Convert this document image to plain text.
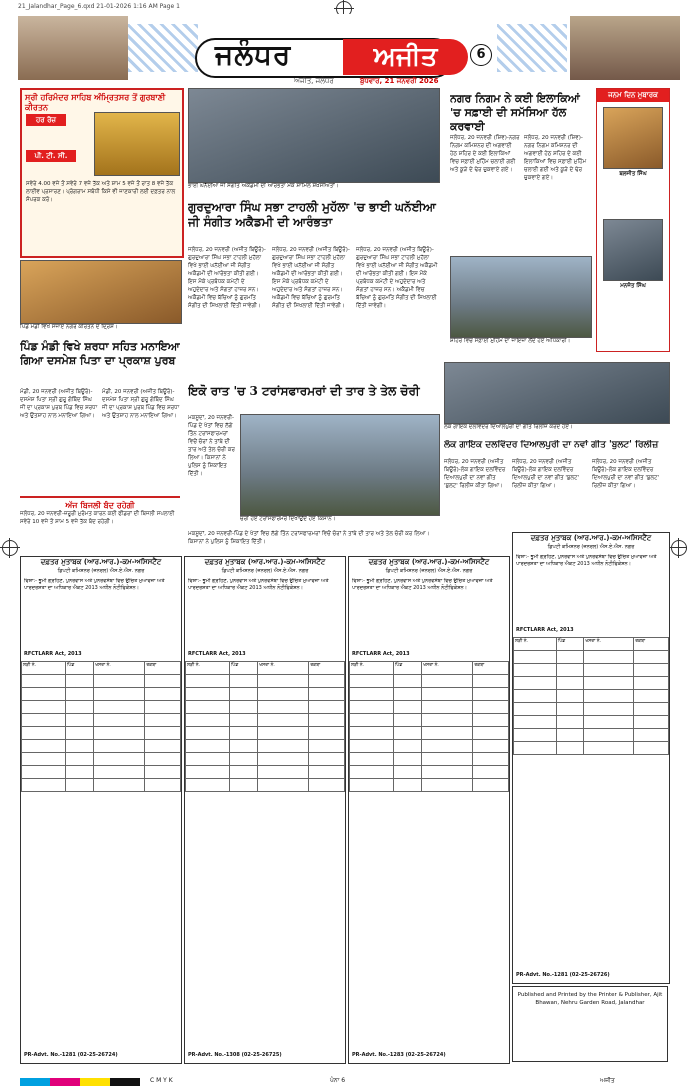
21_Jalandhar_Page_6.qxd 21-01-2026 1:16 AM Page 1
ਜਲੰਧਰ	ਅਜੀਤ	6
ਅਜੀਤ, ਜਲੰਧਰ	ਬੁੱਧਵਾਰ, 21 ਜਨਵਰੀ 2026
ਸ੍ਰੀ ਹਰਿਮੰਦਰ ਸਾਹਿਬ ਅੰਮ੍ਰਿਤਸਰ ਤੋਂ ਗੁਰਬਾਣੀ ਕੀਰਤਨ
ਹਰ ਰੋਜ਼
ਪੀ. ਟੀ. ਸੀ.
ਸਵੇਰੇ 4.00 ਵਜੇ ਤੋਂ ਸਵੇਰੇ 7 ਵਜੇ ਤੱਕ ਅਤੇ ਸ਼ਾਮ 5 ਵਜੇ ਤੋਂ ਰਾਤ 8 ਵਜੇ ਤੱਕ ਲਾਈਵ ਪ੍ਰਸਾਰਣ। ਪ੍ਰੋਗਰਾਮ ਸਬੰਧੀ ਕਿਸੇ ਵੀ ਜਾਣਕਾਰੀ ਲਈ ਦਫ਼ਤਰ ਨਾਲ ਸੰਪਰਕ ਕਰੋ।
ਭਾਈ ਘਨੱਈਆ ਜੀ ਸੰਗੀਤ ਅਕੈਡਮੀ ਦੀ ਆਰੰਭਤਾ ਮੌਕੇ ਸ਼ਾਮਿਲ ਸ਼ਖ਼ਸੀਅਤਾਂ।
ਗੁਰਦੁਆਰਾ ਸਿੰਘ ਸਭਾ ਟਾਹਲੀ ਮੁਹੱਲਾ 'ਚ ਭਾਈ ਘਨੱਈਆ ਜੀ ਸੰਗੀਤ ਅਕੈਡਮੀ ਦੀ ਆਰੰਭਤਾ
ਜਲੰਧਰ, 20 ਜਨਵਰੀ (ਅਜੀਤ ਬਿਊਰੋ)-ਗੁਰਦੁਆਰਾ ਸਿੰਘ ਸਭਾ ਟਾਹਲੀ ਮੁਹੱਲਾ ਵਿਖੇ ਭਾਈ ਘਨੱਈਆ ਜੀ ਸੰਗੀਤ ਅਕੈਡਮੀ ਦੀ ਆਰੰਭਤਾ ਕੀਤੀ ਗਈ। ਇਸ ਮੌਕੇ ਪ੍ਰਬੰਧਕ ਕਮੇਟੀ ਦੇ ਅਹੁਦੇਦਾਰ ਅਤੇ ਸੰਗਤਾਂ ਹਾਜ਼ਰ ਸਨ। ਅਕੈਡਮੀ ਵਿਚ ਬੱਚਿਆਂ ਨੂੰ ਗੁਰਮਤਿ ਸੰਗੀਤ ਦੀ ਸਿਖਲਾਈ ਦਿੱਤੀ ਜਾਵੇਗੀ।
ਜਲੰਧਰ, 20 ਜਨਵਰੀ (ਅਜੀਤ ਬਿਊਰੋ)-ਗੁਰਦੁਆਰਾ ਸਿੰਘ ਸਭਾ ਟਾਹਲੀ ਮੁਹੱਲਾ ਵਿਖੇ ਭਾਈ ਘਨੱਈਆ ਜੀ ਸੰਗੀਤ ਅਕੈਡਮੀ ਦੀ ਆਰੰਭਤਾ ਕੀਤੀ ਗਈ। ਇਸ ਮੌਕੇ ਪ੍ਰਬੰਧਕ ਕਮੇਟੀ ਦੇ ਅਹੁਦੇਦਾਰ ਅਤੇ ਸੰਗਤਾਂ ਹਾਜ਼ਰ ਸਨ। ਅਕੈਡਮੀ ਵਿਚ ਬੱਚਿਆਂ ਨੂੰ ਗੁਰਮਤਿ ਸੰਗੀਤ ਦੀ ਸਿਖਲਾਈ ਦਿੱਤੀ ਜਾਵੇਗੀ।
ਜਲੰਧਰ, 20 ਜਨਵਰੀ (ਅਜੀਤ ਬਿਊਰੋ)-ਗੁਰਦੁਆਰਾ ਸਿੰਘ ਸਭਾ ਟਾਹਲੀ ਮੁਹੱਲਾ ਵਿਖੇ ਭਾਈ ਘਨੱਈਆ ਜੀ ਸੰਗੀਤ ਅਕੈਡਮੀ ਦੀ ਆਰੰਭਤਾ ਕੀਤੀ ਗਈ। ਇਸ ਮੌਕੇ ਪ੍ਰਬੰਧਕ ਕਮੇਟੀ ਦੇ ਅਹੁਦੇਦਾਰ ਅਤੇ ਸੰਗਤਾਂ ਹਾਜ਼ਰ ਸਨ। ਅਕੈਡਮੀ ਵਿਚ ਬੱਚਿਆਂ ਨੂੰ ਗੁਰਮਤਿ ਸੰਗੀਤ ਦੀ ਸਿਖਲਾਈ ਦਿੱਤੀ ਜਾਵੇਗੀ।
ਨਗਰ ਨਿਗਮ ਨੇ ਕਈ ਇਲਾਕਿਆਂ 'ਚ ਸਫ਼ਾਈ ਦੀ ਸਮੱਸਿਆ ਹੱਲ ਕਰਵਾਈ
ਜਲੰਧਰ, 20 ਜਨਵਰੀ (ਸ਼ਿਵ)-ਨਗਰ ਨਿਗਮ ਕਮਿਸ਼ਨਰ ਦੀ ਅਗਵਾਈ ਹੇਠ ਸ਼ਹਿਰ ਦੇ ਕਈ ਇਲਾਕਿਆਂ ਵਿਚ ਸਫ਼ਾਈ ਮੁਹਿੰਮ ਚਲਾਈ ਗਈ ਅਤੇ ਕੂੜੇ ਦੇ ਢੇਰ ਚੁਕਵਾਏ ਗਏ।
ਜਲੰਧਰ, 20 ਜਨਵਰੀ (ਸ਼ਿਵ)-ਨਗਰ ਨਿਗਮ ਕਮਿਸ਼ਨਰ ਦੀ ਅਗਵਾਈ ਹੇਠ ਸ਼ਹਿਰ ਦੇ ਕਈ ਇਲਾਕਿਆਂ ਵਿਚ ਸਫ਼ਾਈ ਮੁਹਿੰਮ ਚਲਾਈ ਗਈ ਅਤੇ ਕੂੜੇ ਦੇ ਢੇਰ ਚੁਕਵਾਏ ਗਏ।
ਸ਼ਹਿਰ ਵਿਚ ਸਫ਼ਾਈ ਮੁਹਿੰਮ ਦਾ ਜਾਇਜ਼ਾ ਲੈਂਦੇ ਹੋਏ ਅਧਿਕਾਰੀ।
ਜਨਮ ਦਿਨ ਮੁਬਾਰਕ
ਬਲਜੀਤ ਸਿੰਘ
ਮਨਜੋਤ ਸਿੰਘ
ਪਿੰਡ ਮੰਡੀ ਵਿਖੇ ਸਜਾਏ ਨਗਰ ਕੀਰਤਨ ਦੇ ਦ੍ਰਿਸ਼।
ਪਿੰਡ ਮੰਡੀ ਵਿਖੇ ਸ਼ਰਧਾ ਸਹਿਤ ਮਨਾਇਆ ਗਿਆ ਦਸਮੇਸ਼ ਪਿਤਾ ਦਾ ਪ੍ਰਕਾਸ਼ ਪੁਰਬ
ਮੰਡੀ, 20 ਜਨਵਰੀ (ਅਜੀਤ ਬਿਊਰੋ)-ਦਸਮੇਸ਼ ਪਿਤਾ ਸ੍ਰੀ ਗੁਰੂ ਗੋਬਿੰਦ ਸਿੰਘ ਜੀ ਦਾ ਪ੍ਰਕਾਸ਼ ਪੁਰਬ ਪਿੰਡ ਵਿਚ ਸ਼ਰਧਾ ਅਤੇ ਉਤਸ਼ਾਹ ਨਾਲ ਮਨਾਇਆ ਗਿਆ।
ਮੰਡੀ, 20 ਜਨਵਰੀ (ਅਜੀਤ ਬਿਊਰੋ)-ਦਸਮੇਸ਼ ਪਿਤਾ ਸ੍ਰੀ ਗੁਰੂ ਗੋਬਿੰਦ ਸਿੰਘ ਜੀ ਦਾ ਪ੍ਰਕਾਸ਼ ਪੁਰਬ ਪਿੰਡ ਵਿਚ ਸ਼ਰਧਾ ਅਤੇ ਉਤਸ਼ਾਹ ਨਾਲ ਮਨਾਇਆ ਗਿਆ।
ਅੱਜ ਬਿਜਲੀ ਬੰਦ ਰਹੇਗੀ
ਜਲੰਧਰ, 20 ਜਨਵਰੀ-ਜ਼ਰੂਰੀ ਮੁਰੰਮਤ ਕਾਰਨ ਕਈ ਫੀਡਰਾਂ ਦੀ ਬਿਜਲੀ ਸਪਲਾਈ ਸਵੇਰੇ 10 ਵਜੇ ਤੋਂ ਸ਼ਾਮ 5 ਵਜੇ ਤੱਕ ਬੰਦ ਰਹੇਗੀ।
ਇਕੋ ਰਾਤ 'ਚ 3 ਟਰਾਂਸਫਾਰਮਰਾਂ ਦੀ ਤਾਰ ਤੇ ਤੇਲ ਚੋਰੀ
ਮਕਸੂਦਾਂ, 20 ਜਨਵਰੀ-ਪਿੰਡ ਦੇ ਖੇਤਾਂ ਵਿਚ ਲੱਗੇ ਤਿੰਨ ਟਰਾਂਸਫਾਰਮਰਾਂ ਵਿਚੋਂ ਚੋਰਾਂ ਨੇ ਤਾਂਬੇ ਦੀ ਤਾਰ ਅਤੇ ਤੇਲ ਚੋਰੀ ਕਰ ਲਿਆ। ਕਿਸਾਨਾਂ ਨੇ ਪੁਲਿਸ ਨੂੰ ਸ਼ਿਕਾਇਤ ਦਿੱਤੀ।
ਚੋਰੀ ਹੋਏ ਟਰਾਂਸਫਾਰਮਰ ਦਿਖਾਉਂਦੇ ਹੋਏ ਕਿਸਾਨ।
ਮਕਸੂਦਾਂ, 20 ਜਨਵਰੀ-ਪਿੰਡ ਦੇ ਖੇਤਾਂ ਵਿਚ ਲੱਗੇ ਤਿੰਨ ਟਰਾਂਸਫਾਰਮਰਾਂ ਵਿਚੋਂ ਚੋਰਾਂ ਨੇ ਤਾਂਬੇ ਦੀ ਤਾਰ ਅਤੇ ਤੇਲ ਚੋਰੀ ਕਰ ਲਿਆ। ਕਿਸਾਨਾਂ ਨੇ ਪੁਲਿਸ ਨੂੰ ਸ਼ਿਕਾਇਤ ਦਿੱਤੀ।
ਲੋਕ ਗਾਇਕ ਦਲਵਿੰਦਰ ਦਿਆਲਪੁਰੀ ਦਾ ਗੀਤ ਰਿਲੀਜ਼ ਕਰਦੇ ਹੋਏ।
ਲੋਕ ਗਾਇਕ ਦਲਵਿੰਦਰ ਦਿਆਲਪੁਰੀ ਦਾ ਨਵਾਂ ਗੀਤ 'ਬੁਲਟ' ਰਿਲੀਜ਼
ਜਲੰਧਰ, 20 ਜਨਵਰੀ (ਅਜੀਤ ਬਿਊਰੋ)-ਲੋਕ ਗਾਇਕ ਦਲਵਿੰਦਰ ਦਿਆਲਪੁਰੀ ਦਾ ਨਵਾਂ ਗੀਤ 'ਬੁਲਟ' ਰਿਲੀਜ਼ ਕੀਤਾ ਗਿਆ।
ਜਲੰਧਰ, 20 ਜਨਵਰੀ (ਅਜੀਤ ਬਿਊਰੋ)-ਲੋਕ ਗਾਇਕ ਦਲਵਿੰਦਰ ਦਿਆਲਪੁਰੀ ਦਾ ਨਵਾਂ ਗੀਤ 'ਬੁਲਟ' ਰਿਲੀਜ਼ ਕੀਤਾ ਗਿਆ।
ਜਲੰਧਰ, 20 ਜਨਵਰੀ (ਅਜੀਤ ਬਿਊਰੋ)-ਲੋਕ ਗਾਇਕ ਦਲਵਿੰਦਰ ਦਿਆਲਪੁਰੀ ਦਾ ਨਵਾਂ ਗੀਤ 'ਬੁਲਟ' ਰਿਲੀਜ਼ ਕੀਤਾ ਗਿਆ।
ਦਫ਼ਤਰ ਮੁਤਾਬਕ (ਆਰ.ਆਰ.)-ਕਮ-ਅਸਿਸਟੈਂਟ
ਡਿਪਟੀ ਕਮਿਸ਼ਨਰ (ਜਨਰਲ) ਐਸ.ਏ.ਐਸ. ਨਗਰ
ਵਿਸ਼ਾ:- ਭੂਮੀ ਗ੍ਰਹਿਣ, ਪੁਨਰਵਾਸ ਅਤੇ ਪੁਨਰਵਸੇਬਾ ਵਿਚ ਉਚਿਤ ਮੁਆਵਜ਼ਾ ਅਤੇ ਪਾਰਦਰਸ਼ਤਾ ਦਾ ਅਧਿਕਾਰ ਐਕਟ 2013 ਅਧੀਨ ਨੋਟੀਫਿਕੇਸ਼ਨ।
RFCTLARR Act, 2013
ਲੜੀ ਨੰ.	ਪਿੰਡ	ਖਸਰਾ ਨੰ.	ਰਕਬਾ

PR-Advt. No.-1281 (02-25-26724)
ਦਫ਼ਤਰ ਮੁਤਾਬਕ (ਆਰ.ਆਰ.)-ਕਮ-ਅਸਿਸਟੈਂਟ
ਡਿਪਟੀ ਕਮਿਸ਼ਨਰ (ਜਨਰਲ) ਐਸ.ਏ.ਐਸ. ਨਗਰ
ਵਿਸ਼ਾ:- ਭੂਮੀ ਗ੍ਰਹਿਣ, ਪੁਨਰਵਾਸ ਅਤੇ ਪੁਨਰਵਸੇਬਾ ਵਿਚ ਉਚਿਤ ਮੁਆਵਜ਼ਾ ਅਤੇ ਪਾਰਦਰਸ਼ਤਾ ਦਾ ਅਧਿਕਾਰ ਐਕਟ 2013 ਅਧੀਨ ਨੋਟੀਫਿਕੇਸ਼ਨ।
RFCTLARR Act, 2013
ਲੜੀ ਨੰ.	ਪਿੰਡ	ਖਸਰਾ ਨੰ.	ਰਕਬਾ

PR-Advt. No.-1308 (02-25-26725)
ਦਫ਼ਤਰ ਮੁਤਾਬਕ (ਆਰ.ਆਰ.)-ਕਮ-ਅਸਿਸਟੈਂਟ
ਡਿਪਟੀ ਕਮਿਸ਼ਨਰ (ਜਨਰਲ) ਐਸ.ਏ.ਐਸ. ਨਗਰ
ਵਿਸ਼ਾ:- ਭੂਮੀ ਗ੍ਰਹਿਣ, ਪੁਨਰਵਾਸ ਅਤੇ ਪੁਨਰਵਸੇਬਾ ਵਿਚ ਉਚਿਤ ਮੁਆਵਜ਼ਾ ਅਤੇ ਪਾਰਦਰਸ਼ਤਾ ਦਾ ਅਧਿਕਾਰ ਐਕਟ 2013 ਅਧੀਨ ਨੋਟੀਫਿਕੇਸ਼ਨ।
RFCTLARR Act, 2013
ਲੜੀ ਨੰ.	ਪਿੰਡ	ਖਸਰਾ ਨੰ.	ਰਕਬਾ

PR-Advt. No.-1283 (02-25-26724)
ਦਫ਼ਤਰ ਮੁਤਾਬਕ (ਆਰ.ਆਰ.)-ਕਮ-ਅਸਿਸਟੈਂਟ
ਡਿਪਟੀ ਕਮਿਸ਼ਨਰ (ਜਨਰਲ) ਐਸ.ਏ.ਐਸ. ਨਗਰ
ਵਿਸ਼ਾ:- ਭੂਮੀ ਗ੍ਰਹਿਣ, ਪੁਨਰਵਾਸ ਅਤੇ ਪੁਨਰਵਸੇਬਾ ਵਿਚ ਉਚਿਤ ਮੁਆਵਜ਼ਾ ਅਤੇ ਪਾਰਦਰਸ਼ਤਾ ਦਾ ਅਧਿਕਾਰ ਐਕਟ 2013 ਅਧੀਨ ਨੋਟੀਫਿਕੇਸ਼ਨ।
RFCTLARR Act, 2013
ਲੜੀ ਨੰ.	ਪਿੰਡ	ਖਸਰਾ ਨੰ.	ਰਕਬਾ

PR-Advt. No.-1281 (02-25-26726)
Published and Printed by the Printer & Publisher, Ajit Bhawan, Nehru Garden Road, Jalandhar
C M Y K	ਪੰਨਾ 6	ਅਜੀਤ
